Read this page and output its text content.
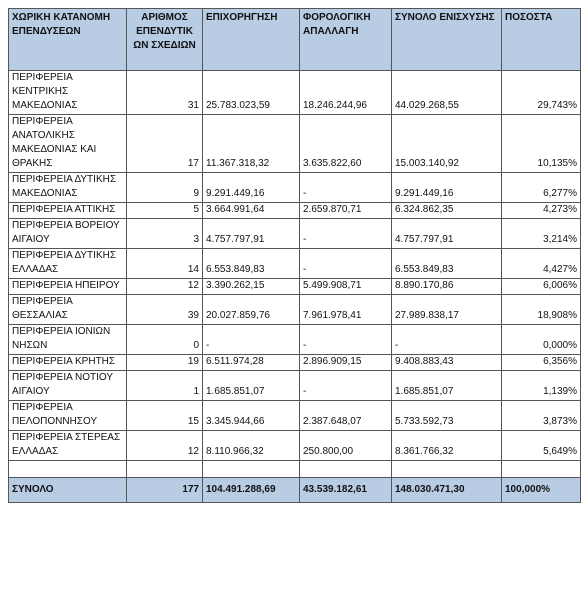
ΧΩΡΙΚΗ ΚΑΤΑΝΟΜΗ ΕΠΕΝΔΥΣΕΩΝ	ΑΡΙΘΜΟΣ ΕΠΕΝΔΥΤΙΚ ΩΝ ΣΧΕΔΙΩΝ	ΕΠΙΧΟΡΗΓΗΣΗ	ΦΟΡΟΛΟΓΙΚΗ ΑΠΑΛΛΑΓΗ	ΣΥΝΟΛΟ ΕΝΙΣΧΥΣΗΣ	ΠΟΣΟΣΤΑ
ΠΕΡΙΦΕΡΕΙΑ ΚΕΝΤΡΙΚΗΣ ΜΑΚΕΔΟΝΙΑΣ	31	25.783.023,59	18.246.244,96	44.029.268,55	29,743%
ΠΕΡΙΦΕΡΕΙΑ ΑΝΑΤΟΛΙΚΗΣ ΜΑΚΕΔΟΝΙΑΣ ΚΑΙ ΘΡΑΚΗΣ	17	11.367.318,32	3.635.822,60	15.003.140,92	10,135%
ΠΕΡΙΦΕΡΕΙΑ ΔΥΤΙΚΗΣ ΜΑΚΕΔΟΝΙΑΣ	9	9.291.449,16	-	9.291.449,16	6,277%
ΠΕΡΙΦΕΡΕΙΑ ΑΤΤΙΚΗΣ	5	3.664.991,64	2.659.870,71	6.324.862,35	4,273%
ΠΕΡΙΦΕΡΕΙΑ ΒΟΡΕΙΟΥ ΑΙΓΑΙΟΥ	3	4.757.797,91	-	4.757.797,91	3,214%
ΠΕΡΙΦΕΡΕΙΑ ΔΥΤΙΚΗΣ ΕΛΛΑΔΑΣ	14	6.553.849,83	-	6.553.849,83	4,427%
ΠΕΡΙΦΕΡΕΙΑ ΗΠΕΙΡΟΥ	12	3.390.262,15	5.499.908,71	8.890.170,86	6,006%
ΠΕΡΙΦΕΡΕΙΑ ΘΕΣΣΑΛΙΑΣ	39	20.027.859,76	7.961.978,41	27.989.838,17	18,908%
ΠΕΡΙΦΕΡΕΙΑ ΙΟΝΙΩΝ ΝΗΣΩΝ	0	-	-	-	0,000%
ΠΕΡΙΦΕΡΕΙΑ ΚΡΗΤΗΣ	19	6.511.974,28	2.896.909,15	9.408.883,43	6,356%
ΠΕΡΙΦΕΡΕΙΑ ΝΟΤΙΟΥ ΑΙΓΑΙΟΥ	1	1.685.851,07	-	1.685.851,07	1,139%
ΠΕΡΙΦΕΡΕΙΑ ΠΕΛΟΠΟΝΝΗΣΟΥ	15	3.345.944,66	2.387.648,07	5.733.592,73	3,873%
ΠΕΡΙΦΕΡΕΙΑ ΣΤΕΡΕΑΣ ΕΛΛΑΔΑΣ	12	8.110.966,32	250.800,00	8.361.766,32	5,649%

ΣΥΝΟΛΟ	177	104.491.288,69	43.539.182,61	148.030.471,30	100,000%
